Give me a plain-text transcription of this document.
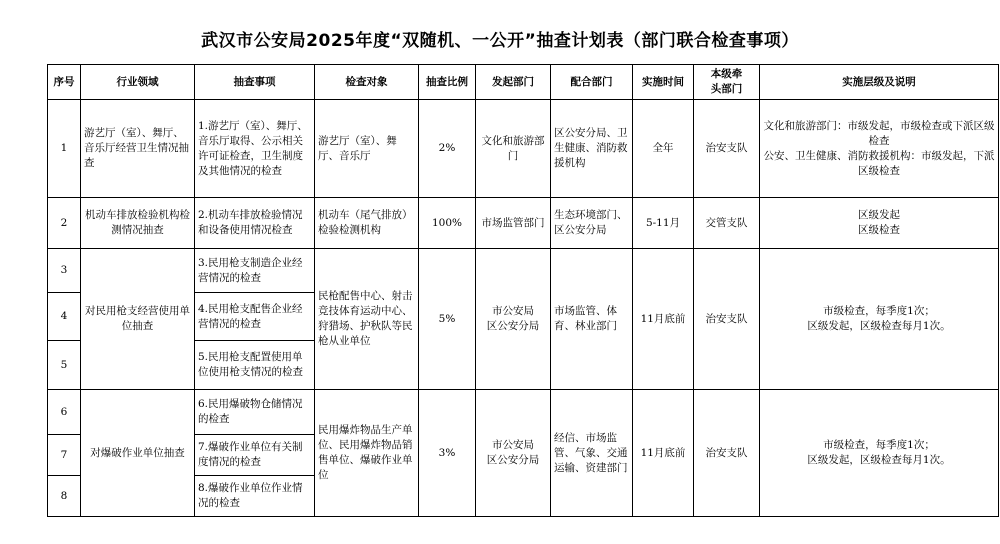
武汉市公安局2025年度“双随机、一公开”抽查计划表（部门联合检查事项）
序号	行业领域	抽查事项	检查对象	抽查比例	发起部门	配合部门	实施时间	本级牵
头部门	实施层级及说明
1	游艺厅（室）、舞厅、音乐厅经营卫生情况抽查	1.游艺厅（室）、舞厅、音乐厅取得、公示相关许可证检查，卫生制度及其他情况的检查	游艺厅（室）、舞厅、音乐厅	2%	文化和旅游部门	区公安分局、卫生健康、消防救援机构	全年	治安支队	文化和旅游部门：市级发起，市级检查或下派区级检查
公安、卫生健康、消防救援机构：市级发起，下派区级检查
2	机动车排放检验机构检测情况抽查	2.机动车排放检验情况和设备使用情况检查	机动车（尾气排放）检验检测机构	100%	市场监管部门	生态环境部门、区公安分局	5-11月	交管支队	区级发起
区级检查
3	对民用枪支经营使用单位抽查	3.民用枪支制造企业经营情况的检查	民枪配售中心、射击竞技体育运动中心、狩猎场、护秋队等民枪从业单位	5%	市公安局
区公安分局	市场监管、体育、林业部门	11月底前	治安支队	市级检查，每季度1次；
区级发起，区级检查每月1次。
4		4.民用枪支配售企业经营情况的检查							
5		5.民用枪支配置使用单位使用枪支情况的检查							
6	对爆破作业单位抽查	6.民用爆破物仓储情况的检查	民用爆炸物品生产单位、民用爆炸物品销售单位、爆破作业单位	3%	市公安局
区公安分局	经信、市场监管、气象、交通运输、资建部门	11月底前	治安支队	市级检查，每季度1次；
区级发起，区级检查每月1次。
7		7.爆破作业单位有关制度情况的检查							
8		8.爆破作业单位作业情况的检查							
